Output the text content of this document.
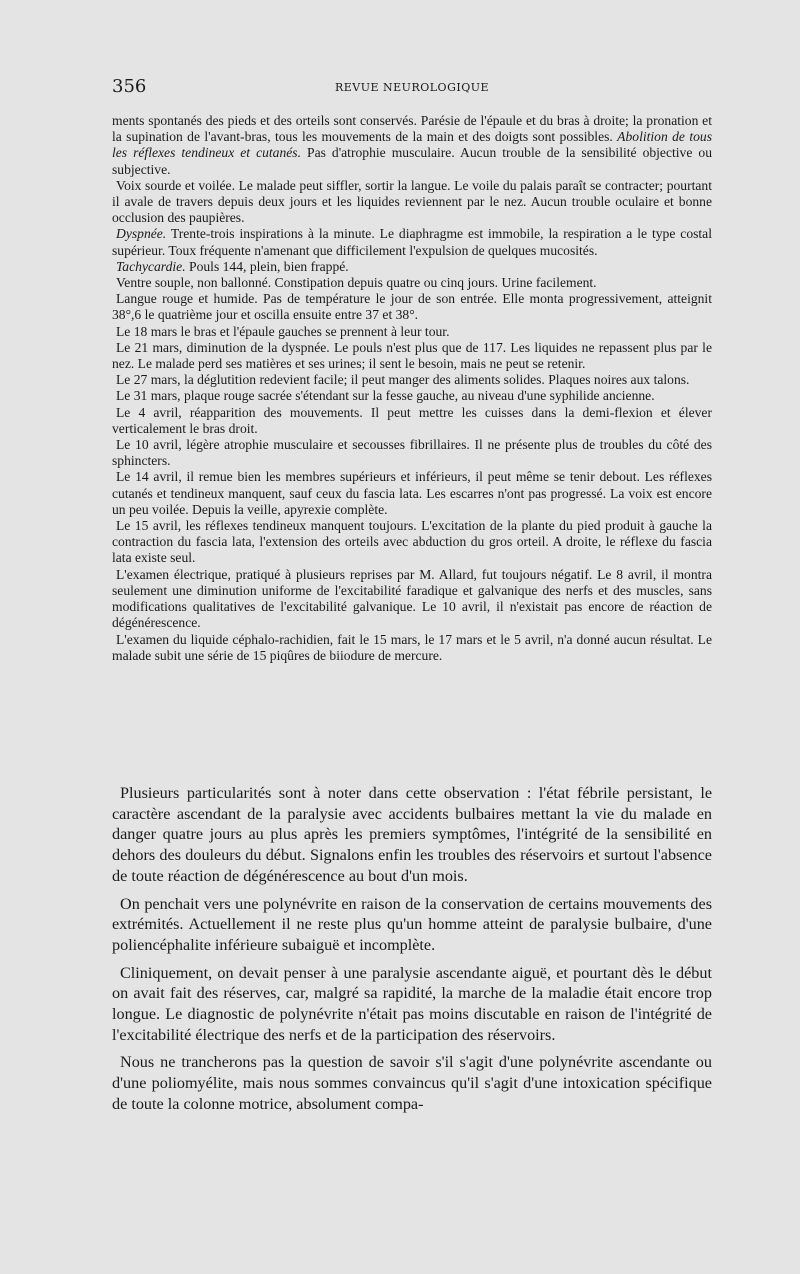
356	REVUE NEUROLOGIQUE

ments spontanés des pieds et des orteils sont conservés. Parésie de l'épaule et du bras à droite; la pronation et la supination de l'avant-bras, tous les mouvements de la main et des doigts sont possibles. Abolition de tous les réflexes tendineux et cutanés. Pas d'atrophie musculaire. Aucun trouble de la sensibilité objective ou subjective.

Voix sourde et voilée. Le malade peut siffler, sortir la langue. Le voile du palais paraît se contracter; pourtant il avale de travers depuis deux jours et les liquides reviennent par le nez. Aucun trouble oculaire et bonne occlusion des paupières.

Dyspnée. Trente-trois inspirations à la minute. Le diaphragme est immobile, la respiration a le type costal supérieur. Toux fréquente n'amenant que difficilement l'expulsion de quelques mucosités.

Tachycardie. Pouls 144, plein, bien frappé.

Ventre souple, non ballonné. Constipation depuis quatre ou cinq jours. Urine facilement.

Langue rouge et humide. Pas de température le jour de son entrée. Elle monta progressivement, atteignit 38°,6 le quatrième jour et oscilla ensuite entre 37 et 38°.

Le 18 mars le bras et l'épaule gauches se prennent à leur tour.

Le 21 mars, diminution de la dyspnée. Le pouls n'est plus que de 117. Les liquides ne repassent plus par le nez. Le malade perd ses matières et ses urines; il sent le besoin, mais ne peut se retenir.

Le 27 mars, la déglutition redevient facile; il peut manger des aliments solides. Plaques noires aux talons.

Le 31 mars, plaque rouge sacrée s'étendant sur la fesse gauche, au niveau d'une syphilide ancienne.

Le 4 avril, réapparition des mouvements. Il peut mettre les cuisses dans la demi-flexion et élever verticalement le bras droit.

Le 10 avril, légère atrophie musculaire et secousses fibrillaires. Il ne présente plus de troubles du côté des sphincters.

Le 14 avril, il remue bien les membres supérieurs et inférieurs, il peut même se tenir debout. Les réflexes cutanés et tendineux manquent, sauf ceux du fascia lata. Les escarres n'ont pas progressé. La voix est encore un peu voilée. Depuis la veille, apyrexie complète.

Le 15 avril, les réflexes tendineux manquent toujours. L'excitation de la plante du pied produit à gauche la contraction du fascia lata, l'extension des orteils avec abduction du gros orteil. A droite, le réflexe du fascia lata existe seul.

L'examen électrique, pratiqué à plusieurs reprises par M. Allard, fut toujours négatif. Le 8 avril, il montra seulement une diminution uniforme de l'excitabilité faradique et galvanique des nerfs et des muscles, sans modifications qualitatives de l'excitabilité galvanique. Le 10 avril, il n'existait pas encore de réaction de dégénérescence.

L'examen du liquide céphalo-rachidien, fait le 15 mars, le 17 mars et le 5 avril, n'a donné aucun résultat. Le malade subit une série de 15 piqûres de biiodure de mercure.

Plusieurs particularités sont à noter dans cette observation : l'état fébrile persistant, le caractère ascendant de la paralysie avec accidents bulbaires mettant la vie du malade en danger quatre jours au plus après les premiers symptômes, l'intégrité de la sensibilité en dehors des douleurs du début. Signalons enfin les troubles des réservoirs et surtout l'absence de toute réaction de dégénérescence au bout d'un mois.

On penchait vers une polynévrite en raison de la conservation de certains mouvements des extrémités. Actuellement il ne reste plus qu'un homme atteint de paralysie bulbaire, d'une poliencéphalite inférieure subaiguë et incomplète.

Cliniquement, on devait penser à une paralysie ascendante aiguë, et pourtant dès le début on avait fait des réserves, car, malgré sa rapidité, la marche de la maladie était encore trop longue. Le diagnostic de polynévrite n'était pas moins discutable en raison de l'intégrité de l'excitabilité électrique des nerfs et de la participation des réservoirs.

Nous ne trancherons pas la question de savoir s'il s'agit d'une polynévrite ascendante ou d'une poliomyélite, mais nous sommes convaincus qu'il s'agit d'une intoxication spécifique de toute la colonne motrice, absolument compa-
